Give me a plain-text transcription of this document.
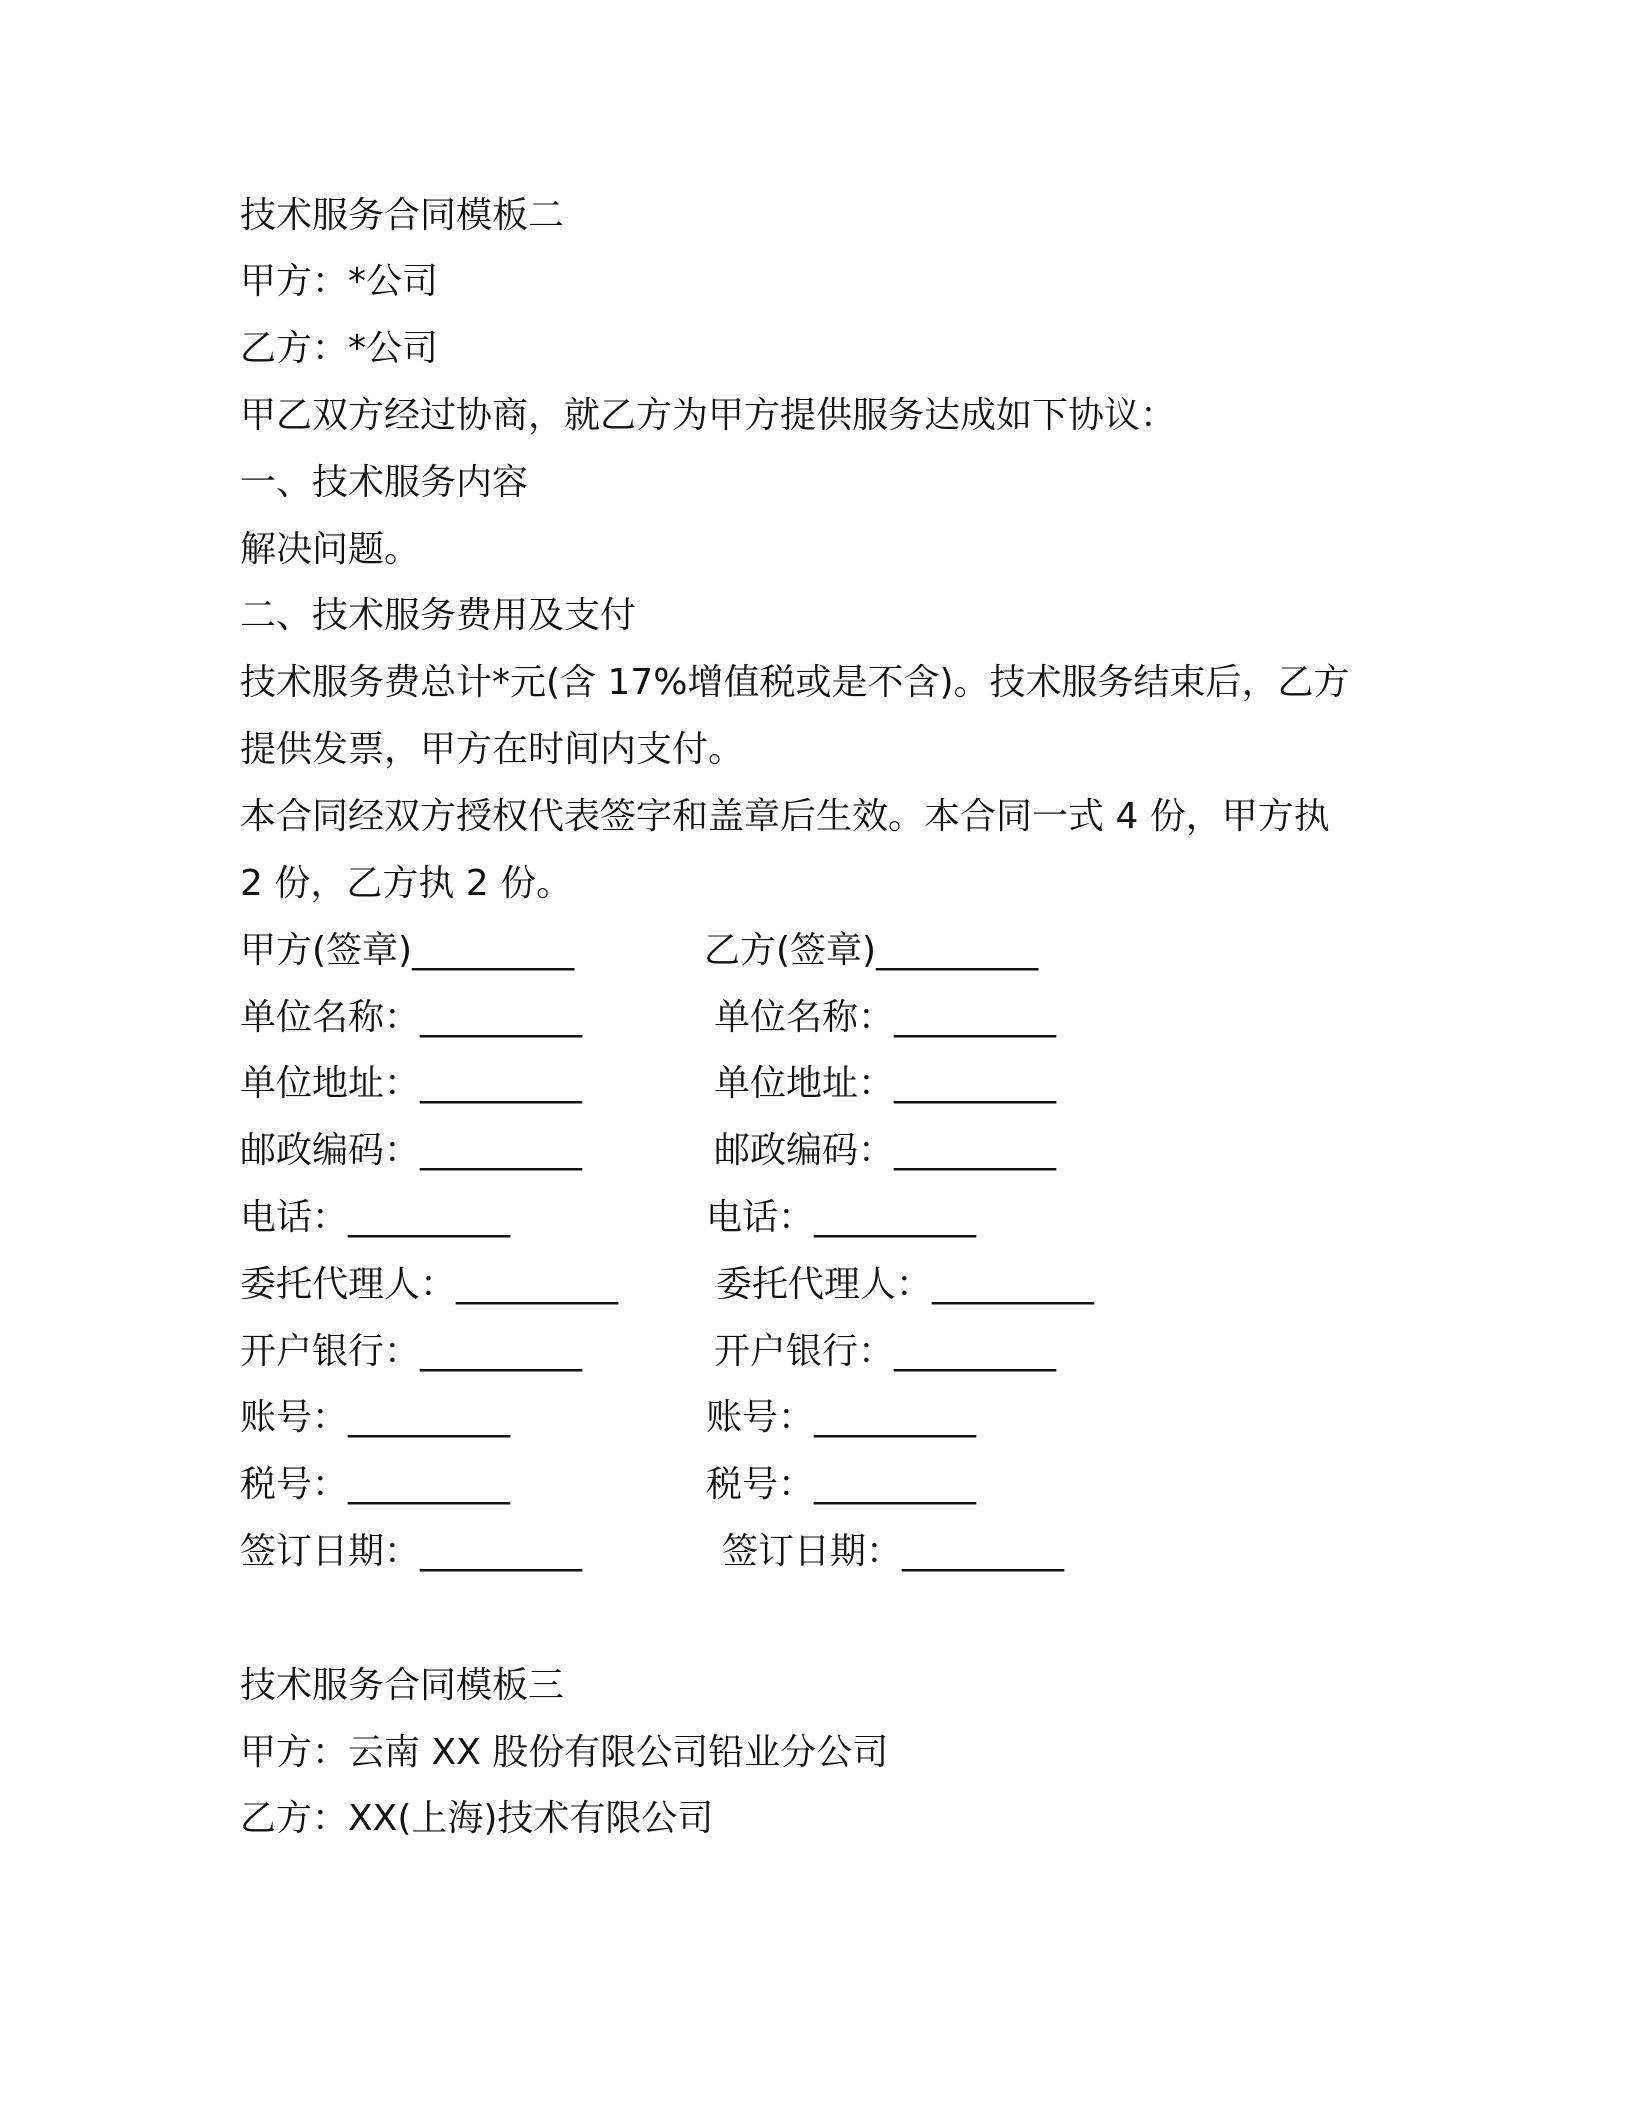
技术服务合同模板二
甲方：*公司
乙方：*公司
甲乙双方经过协商，就乙方为甲方提供服务达成如下协议：
一、技术服务内容
解决问题。
二、技术服务费用及支付
技术服务费总计*元(含 17%增值税或是不含)。技术服务结束后，乙方
提供发票，甲方在时间内支付。
本合同经双方授权代表签字和盖章后生效。本合同一式 4 份，甲方执
2 份，乙方执 2 份。
甲方(签章)_________	乙方(签章)_________
单位名称：_________	单位名称：_________
单位地址：_________	单位地址：_________
邮政编码：_________	邮政编码：_________
电话：_________	电话：_________
委托代理人：_________	委托代理人：_________
开户银行：_________	开户银行：_________
账号：_________	账号：_________
税号：_________	税号：_________
签订日期：_________	签订日期：_________
技术服务合同模板三
甲方：云南 XX 股份有限公司铅业分公司
乙方：XX(上海)技术有限公司
